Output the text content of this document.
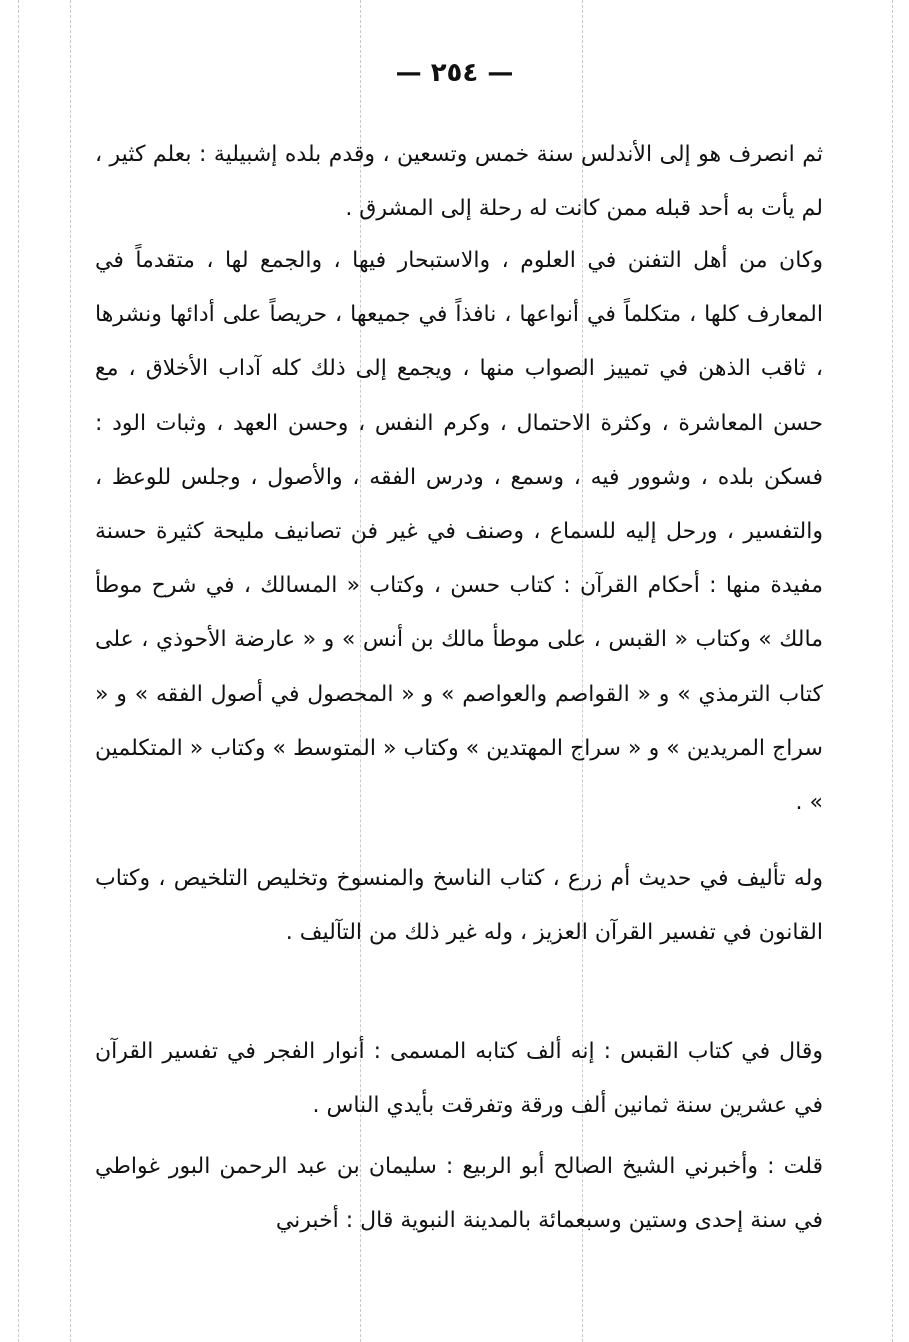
— ٢٥٤ —
ثم انصرف هو إلى الأندلس سنة خمس وتسعين ، وقدم بلده إشبيلية : بعلم كثير ، لم يأت به أحد قبله ممن كانت له رحلة إلى المشرق .
وكان من أهل التفنن في العلوم ، والاستبحار فيها ، والجمع لها ، متقدماً في المعارف كلها ، متكلماً في أنواعها ، نافذاً في جميعها ، حريصاً على أدائها ونشرها ، ثاقب الذهن في تمييز الصواب منها ، ويجمع إلى ذلك كله آداب الأخلاق ، مع حسن المعاشرة ، وكثرة الاحتمال ، وكرم النفس ، وحسن العهد ، وثبات الود : فسكن بلده ، وشوور فيه ، وسمع ، ودرس الفقه ، والأصول ، وجلس للوعظ ، والتفسير ، ورحل إليه للسماع ، وصنف في غير فن تصانيف مليحة كثيرة حسنة مفيدة منها : أحكام القرآن : كتاب حسن ، وكتاب « المسالك ، في شرح موطأ مالك » وكتاب « القبس ، على موطأ مالك بن أنس » و « عارضة الأحوذي ، على كتاب الترمذي » و « القواصم والعواصم » و « المحصول في أصول الفقه » و « سراج المريدين » و « سراج المهتدين » وكتاب « المتوسط » وكتاب « المتكلمين » .
وله تأليف في حديث أم زرع ، كتاب الناسخ والمنسوخ وتخليص التلخيص ، وكتاب القانون في تفسير القرآن العزيز ، وله غير ذلك من التآليف .
وقال في كتاب القبس : إنه ألف كتابه المسمى : أنوار الفجر في تفسير القرآن في عشرين سنة ثمانين ألف ورقة وتفرقت بأيدي الناس .
قلت : وأخبرني الشيخ الصالح أبو الربيع : سليمان بن عبد الرحمن البور غواطي في سنة إحدى وستين وسبعمائة بالمدينة النبوية قال : أخبرني
